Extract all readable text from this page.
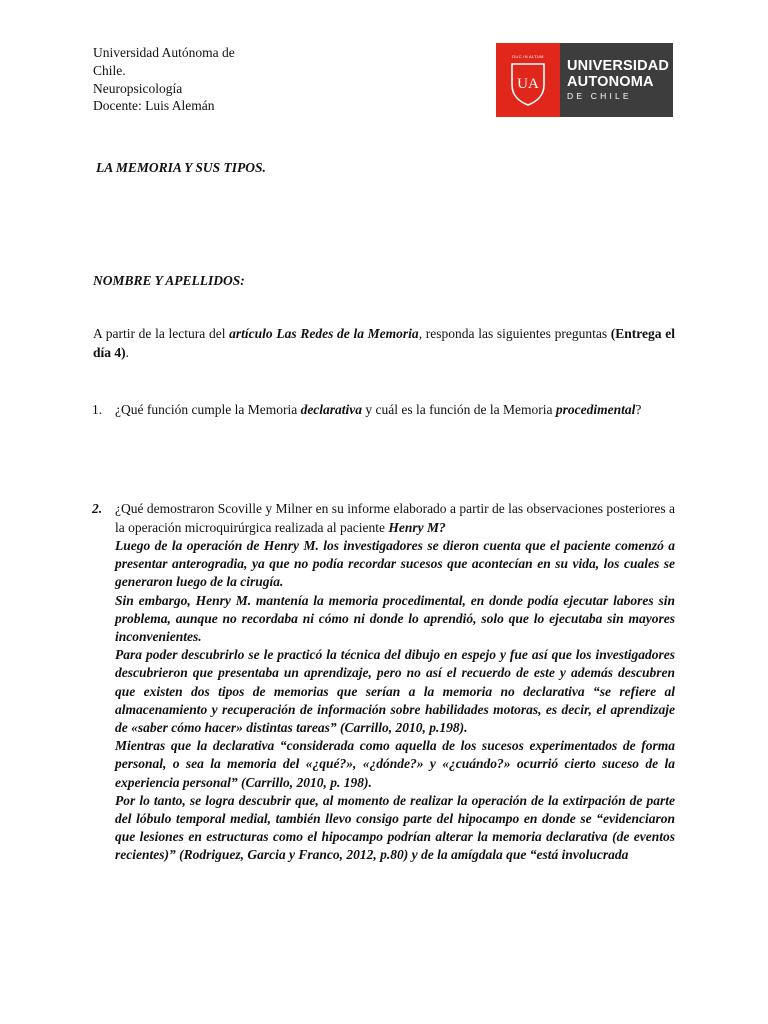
Universidad Autónoma de
Chile.
Neuropsicología
Docente: Luis Alemán
DUC IN ALTUM
UA
UNIVERSIDAD
AUTONOMA
DE CHILE
LA MEMORIA Y SUS TIPOS.
NOMBRE Y APELLIDOS:
A partir de la lectura del artículo Las Redes de la Memoria, responda las siguientes preguntas (Entrega el día 4).
1. ¿Qué función cumple la Memoria declarativa y cuál es la función de la Memoria procedimental?
2. ¿Qué demostraron Scoville y Milner en su informe elaborado a partir de las observaciones posteriores a la operación microquirúrgica realizada al paciente Henry M?
Luego de la operación de Henry M. los investigadores se dieron cuenta que el paciente comenzó a presentar anterogradia, ya que no podía recordar sucesos que acontecían en su vida, los cuales se generaron luego de la cirugía.
Sin embargo, Henry M. mantenía la memoria procedimental, en donde podía ejecutar labores sin problema, aunque no recordaba ni cómo ni donde lo aprendió, solo que lo ejecutaba sin mayores inconvenientes.
Para poder descubrirlo se le practicó la técnica del dibujo en espejo y fue así que los investigadores descubrieron que presentaba un aprendizaje, pero no así el recuerdo de este y además descubren que existen dos tipos de memorias que serían a la memoria no declarativa “se refiere al almacenamiento y recuperación de información sobre habilidades motoras, es decir, el aprendizaje de «saber cómo hacer» distintas tareas” (Carrillo, 2010, p.198).
Mientras que la declarativa “considerada como aquella de los sucesos experimentados de forma personal, o sea la memoria del «¿qué?», «¿dónde?» y «¿cuándo?» ocurrió cierto suceso de la experiencia personal” (Carrillo, 2010, p. 198).
Por lo tanto, se logra descubrir que, al momento de realizar la operación de la extirpación de parte del lóbulo temporal medial, también llevo consigo parte del hipocampo en donde se “evidenciaron que lesiones en estructuras como el hipocampo podrían alterar la memoria declarativa (de eventos recientes)” (Rodriguez, Garcia y Franco, 2012, p.80) y de la amígdala que “está involucrada
